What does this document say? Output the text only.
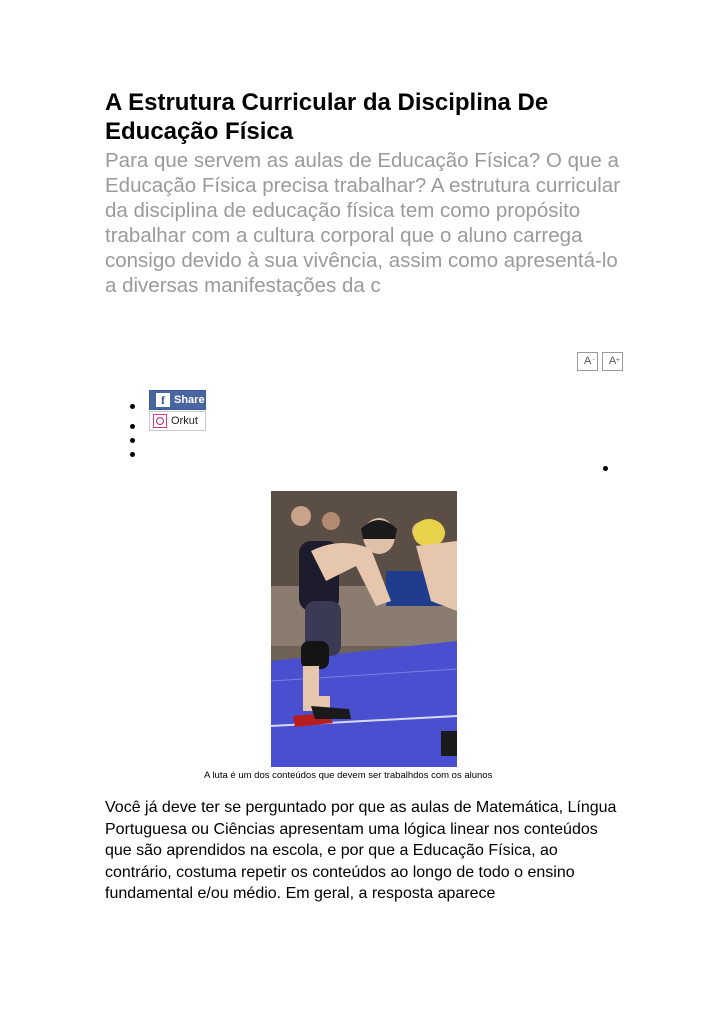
A Estrutura Curricular da Disciplina De Educação Física

Para que servem as aulas de Educação Física? O que a Educação Física precisa trabalhar? A estrutura curricular da disciplina de educação física tem como propósito trabalhar com a cultura corporal que o aluno carrega consigo devido à sua vivência, assim como apresentá-lo a diversas manifestações da c

A -	A +
f Share
Orkut
A luta é um dos conteúdos que devem ser trabalhdos com os alunos
Você já deve ter se perguntado por que as aulas de Matemática, Língua Portuguesa ou Ciências apresentam uma lógica linear nos conteúdos que são aprendidos na escola, e por que a Educação Física, ao contrário, costuma repetir os conteúdos ao longo de todo o ensino fundamental e/ou médio. Em geral, a resposta aparece
